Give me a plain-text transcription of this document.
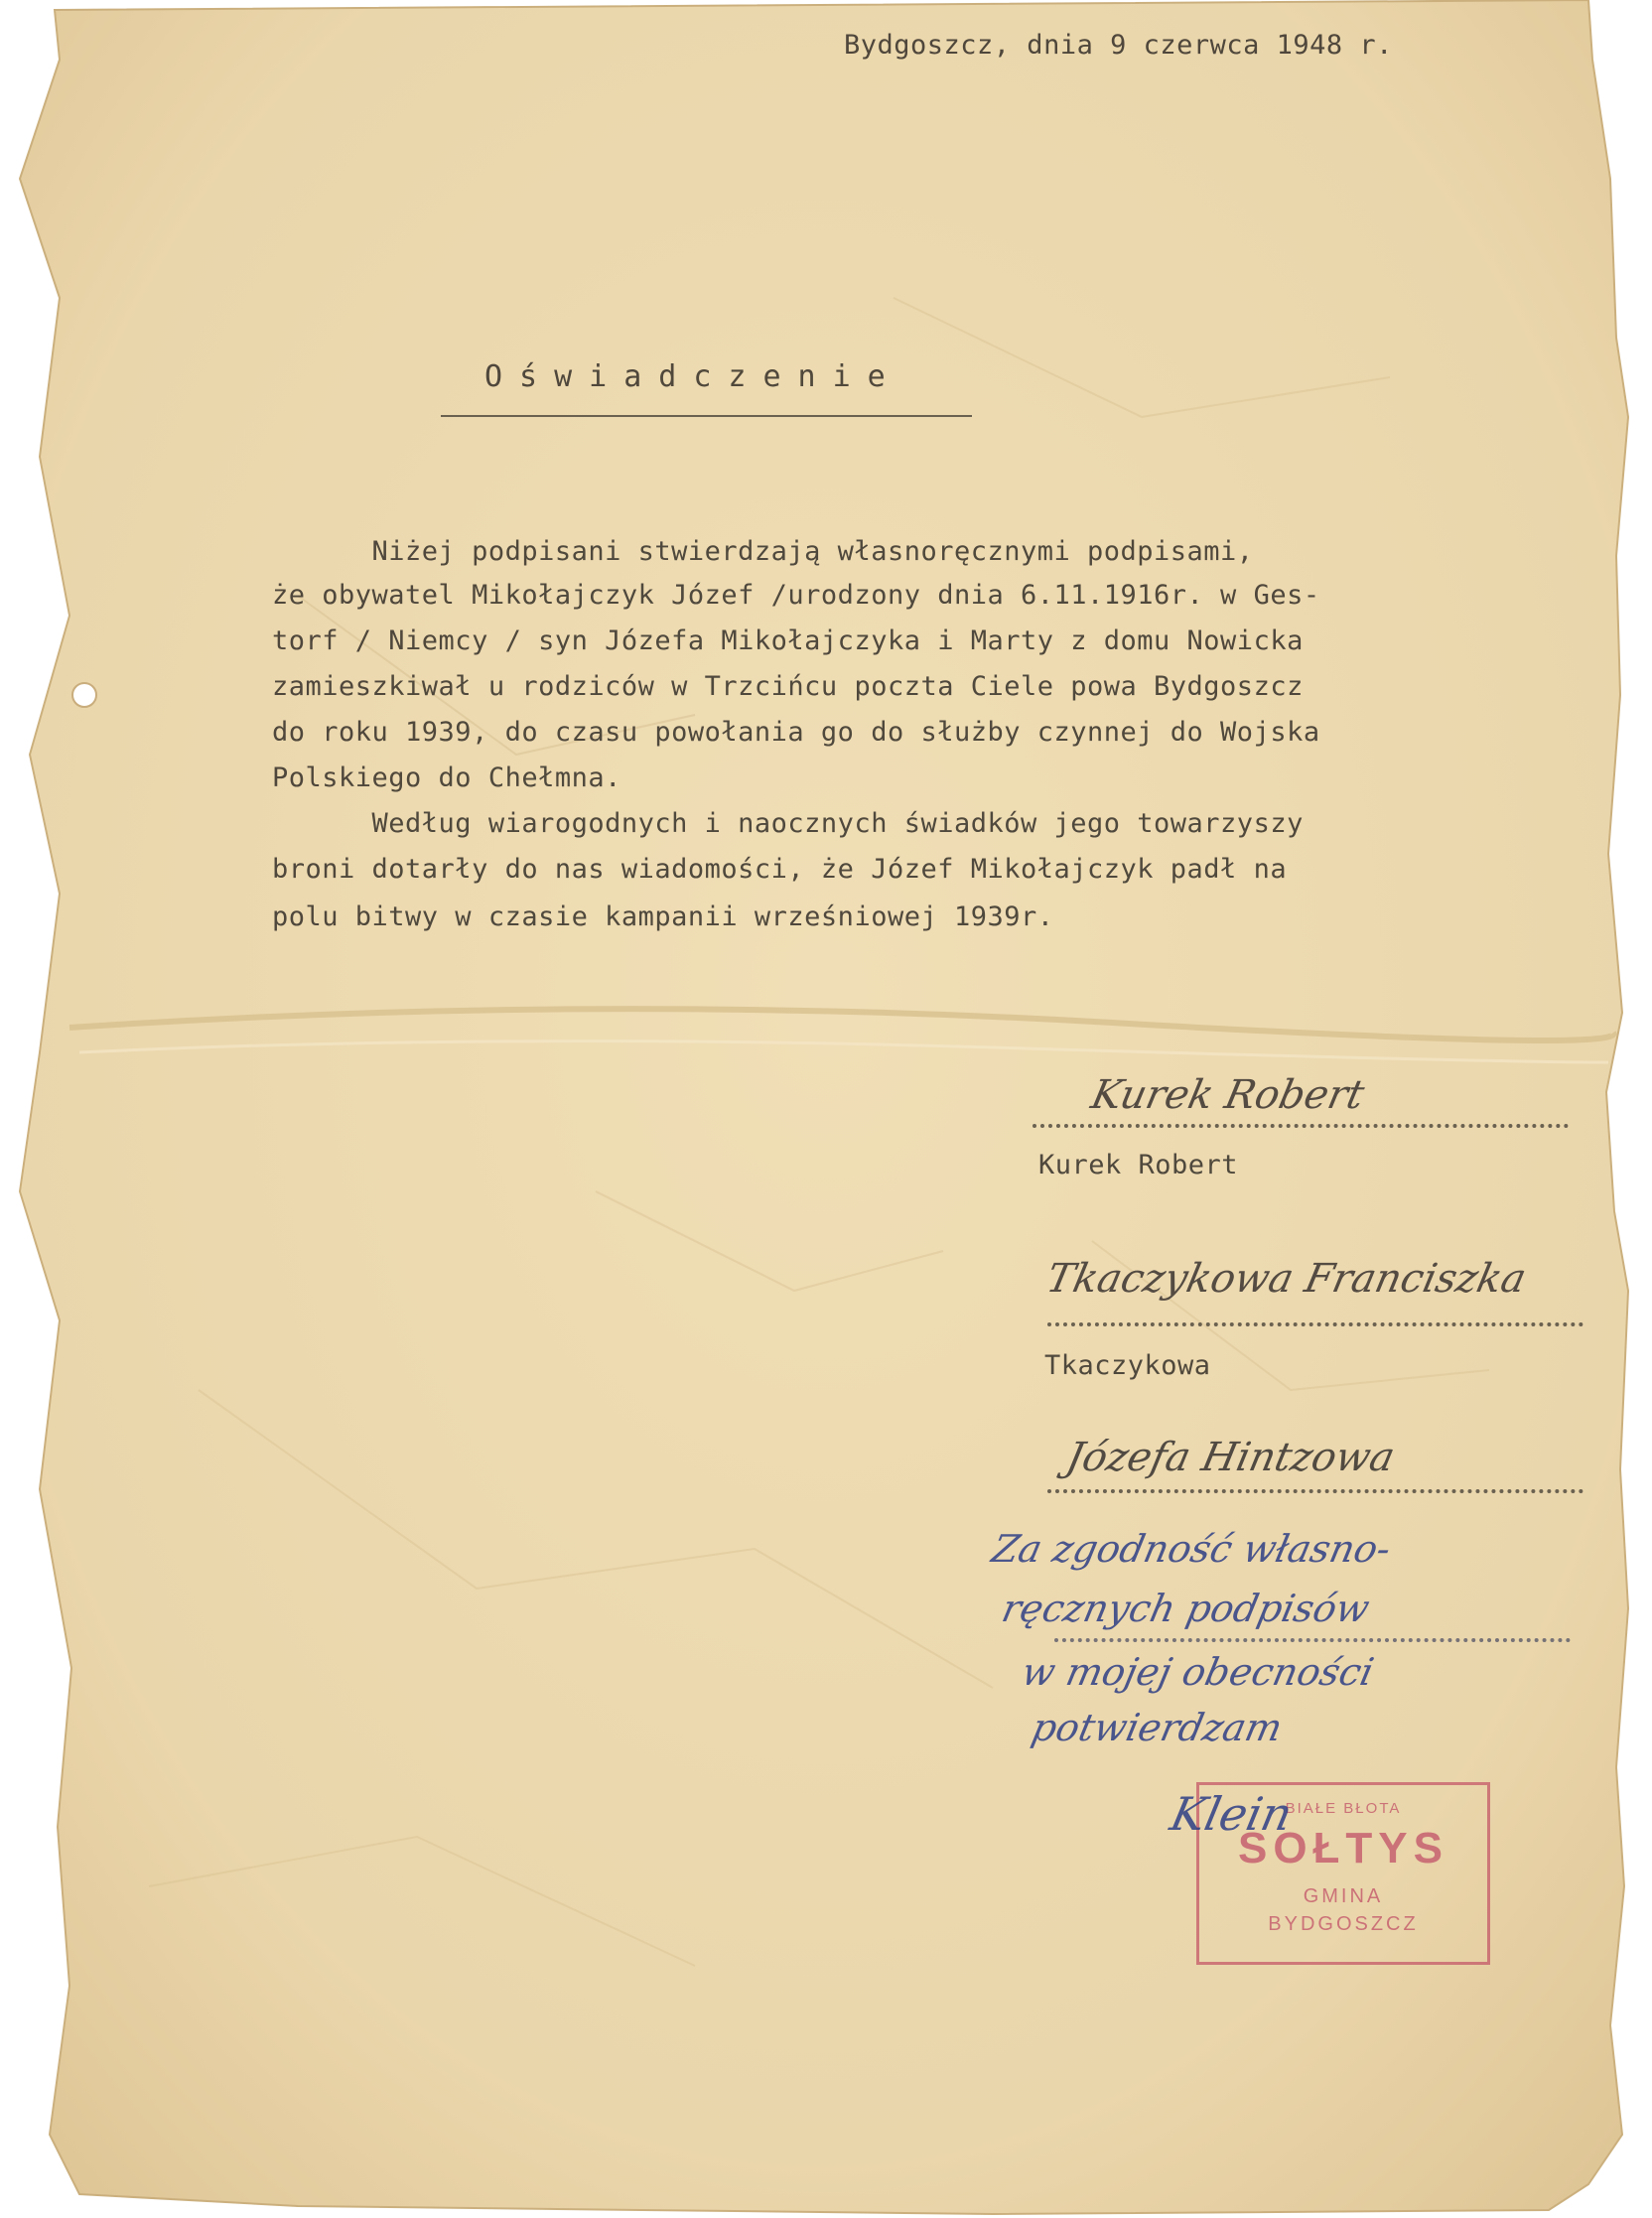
Bydgoszcz, dnia 9 czerwca 1948 r.
Oświadczenie
Niżej podpisani stwierdzają własnoręcznymi podpisami,
że obywatel Mikołajczyk Józef /urodzony dnia 6.11.1916r. w Ges-
torf / Niemcy / syn Józefa Mikołajczyka i Marty z domu Nowicka
zamieszkiwał u rodziców w Trzcińcu poczta Ciele powa Bydgoszcz
do roku 1939, do czasu powołania go do służby czynnej do Wojska
Polskiego do Chełmna.
Według wiarogodnych i naocznych świadków jego towarzyszy
broni dotarły do nas wiadomości, że Józef Mikołajczyk padł na
polu bitwy w czasie kampanii wrześniowej 1939r.
Kurek Robert
Kurek Robert
Tkaczykowa Franciszka
Tkaczykowa
Józefa Hintzowa
Za zgodność własno-
ręcznych podpisów
w mojej obecności
potwierdzam
BIAŁE BŁOTA
SOŁTYS
GMINA
BYDGOSZCZ
Klein
